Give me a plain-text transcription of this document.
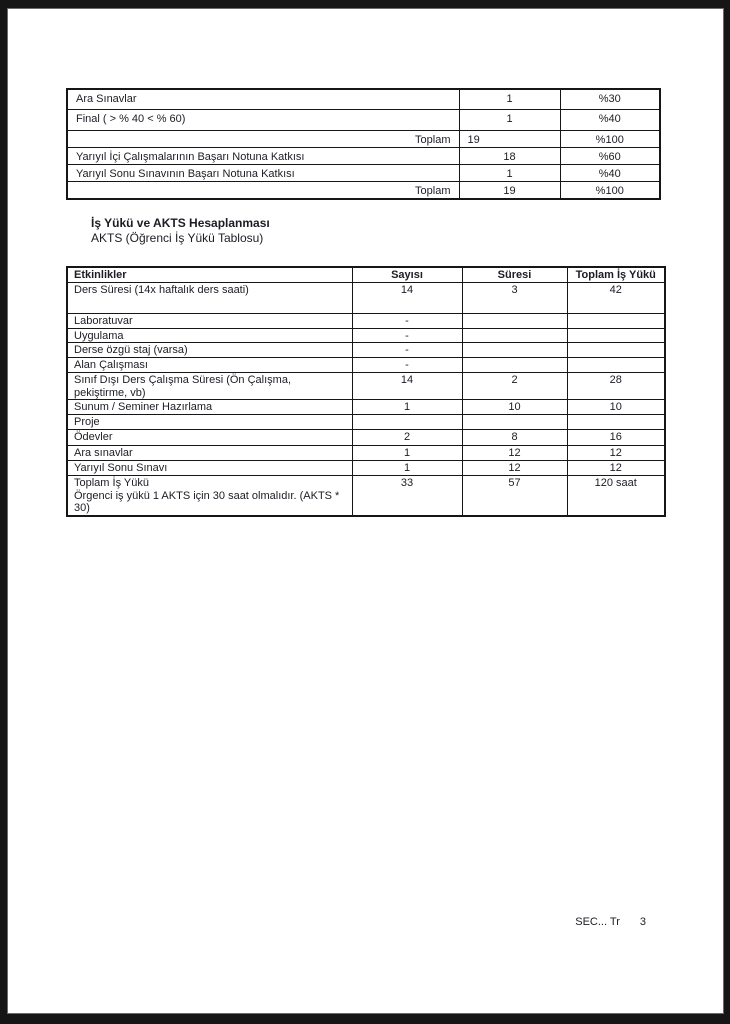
Ara Sınavlar	1	%30
Final ( > % 40 < % 60)	1	%40
Toplam	19	%100
Yarıyıl İçi Çalışmalarının Başarı Notuna Katkısı	18	%60
Yarıyıl Sonu Sınavının Başarı Notuna Katkısı	1	%40
Toplam	19	%100
İş Yükü ve AKTS Hesaplanması
AKTS (Öğrenci İş Yükü Tablosu)
Etkinlikler	Sayısı	Süresi	Toplam İş Yükü
Ders Süresi (14x haftalık ders saati)	14	3	42
Laboratuvar	-		
Uygulama	-		
Derse özgü staj (varsa)	-		
Alan Çalışması	-		
Sınıf Dışı Ders Çalışma Süresi (Ön Çalışma, pekiştirme, vb)	14	2	28
Sunum / Seminer Hazırlama	1	10	10
Proje			
Ödevler	2	8	16
Ara sınavlar	1	12	12
Yarıyıl Sonu Sınavı	1	12	12

Toplam İş Yükü
Örgenci iş yükü 1 AKTS için 30 saat olmalıdır. (AKTS * 30)	33	57	120 saat
SEC... Tr 3
